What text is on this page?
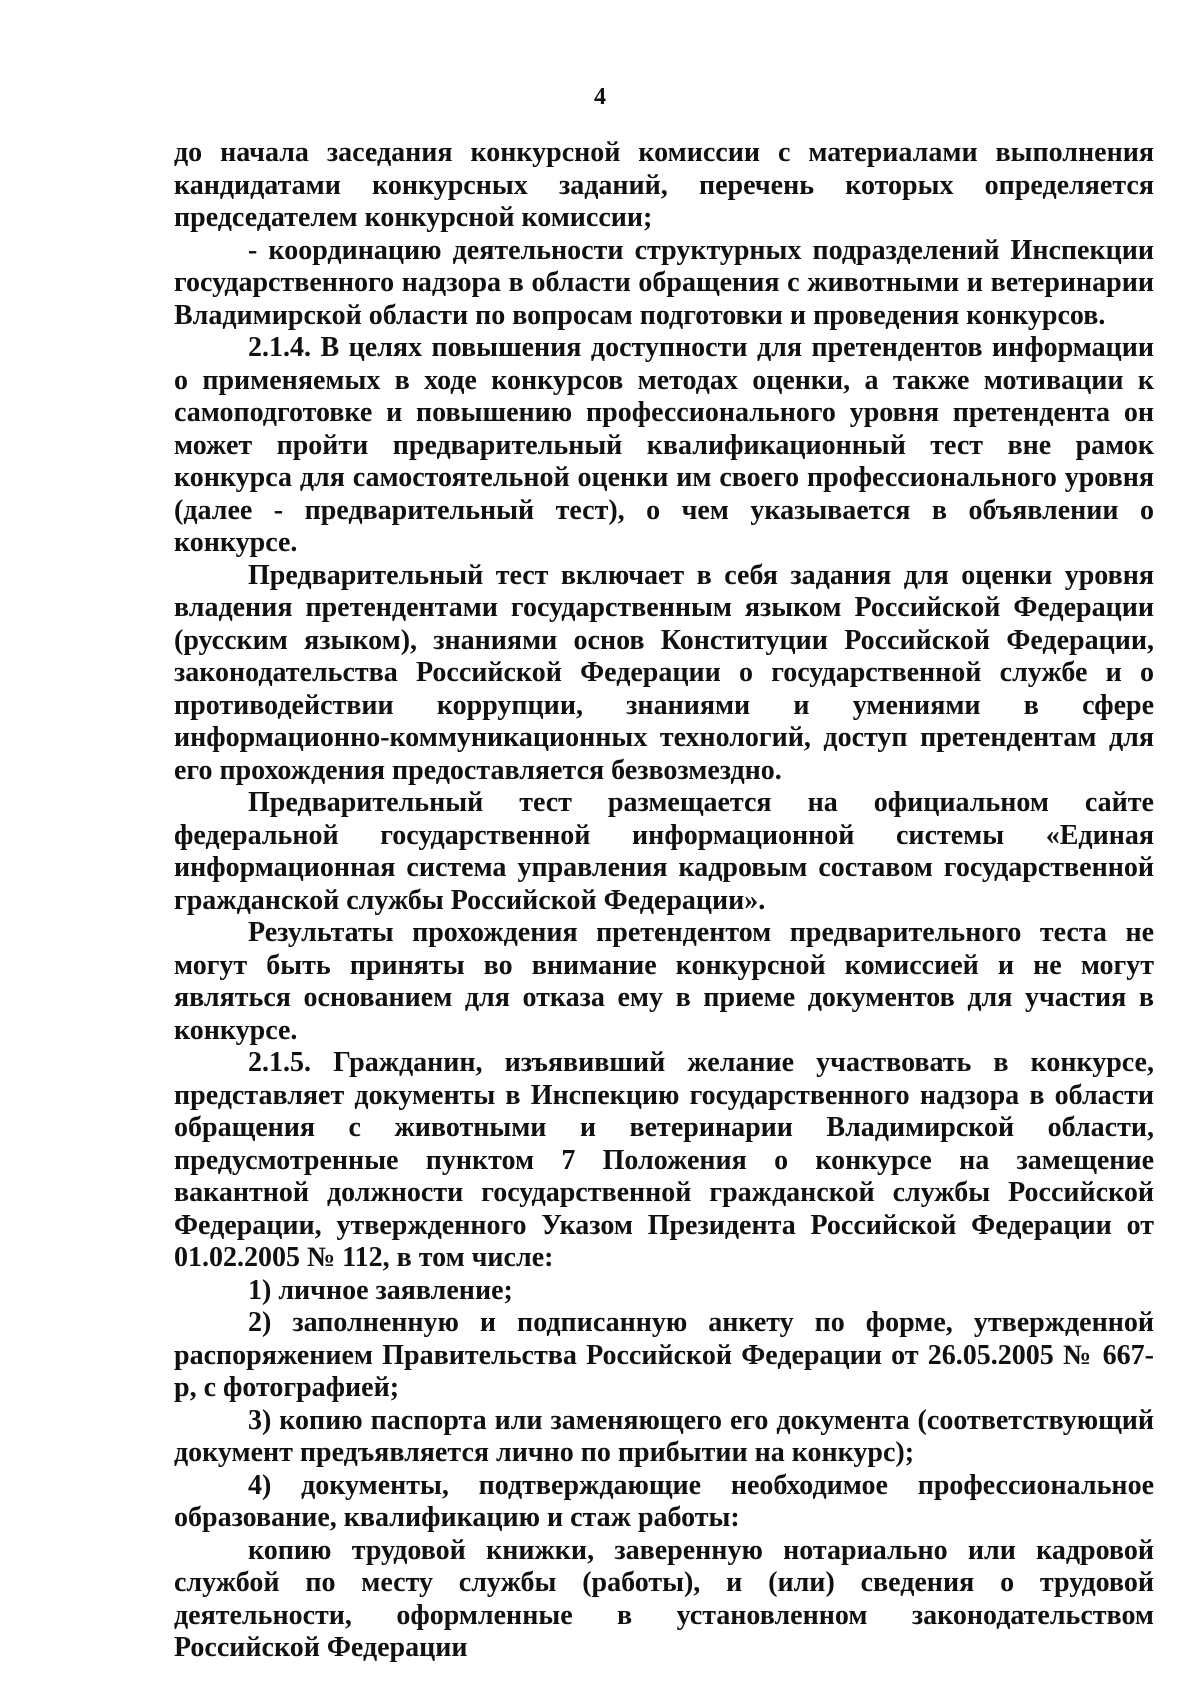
4

до начала заседания конкурсной комиссии с материалами выполнения кандидатами конкурсных заданий, перечень которых определяется председателем конкурсной комиссии;

- координацию деятельности структурных подразделений Инспекции государственного надзора в области обращения с животными и ветеринарии Владимирской области по вопросам подготовки и проведения конкурсов.

2.1.4. В целях повышения доступности для претендентов информации о применяемых в ходе конкурсов методах оценки, а также мотивации к самоподготовке и повышению профессионального уровня претендента он может пройти предварительный квалификационный тест вне рамок конкурса для самостоятельной оценки им своего профессионального уровня (далее - предварительный тест), о чем указывается в объявлении о конкурсе.

Предварительный тест включает в себя задания для оценки уровня владения претендентами государственным языком Российской Федерации (русским языком), знаниями основ Конституции Российской Федерации, законодательства Российской Федерации о государственной службе и о противодействии коррупции, знаниями и умениями в сфере информационно-коммуникационных технологий, доступ претендентам для его прохождения предоставляется безвозмездно.

Предварительный тест размещается на официальном сайте федеральной государственной информационной системы «Единая информационная система управления кадровым составом государственной гражданской службы Российской Федерации».

Результаты прохождения претендентом предварительного теста не могут быть приняты во внимание конкурсной комиссией и не могут являться основанием для отказа ему в приеме документов для участия в конкурсе.

2.1.5. Гражданин, изъявивший желание участвовать в конкурсе, представляет документы в Инспекцию государственного надзора в области обращения с животными и ветеринарии Владимирской области, предусмотренные пунктом 7 Положения о конкурсе на замещение вакантной должности государственной гражданской службы Российской Федерации, утвержденного Указом Президента Российской Федерации от 01.02.2005 № 112, в том числе:

1) личное заявление;

2) заполненную и подписанную анкету по форме, утвержденной распоряжением Правительства Российской Федерации от 26.05.2005 № 667-р, с фотографией;

3) копию паспорта или заменяющего его документа (соответствующий документ предъявляется лично по прибытии на конкурс);

4) документы, подтверждающие необходимое профессиональное образование, квалификацию и стаж работы:

копию трудовой книжки, заверенную нотариально или кадровой службой по месту службы (работы), и (или) сведения о трудовой деятельности, оформленные в установленном законодательством Российской Федерации
